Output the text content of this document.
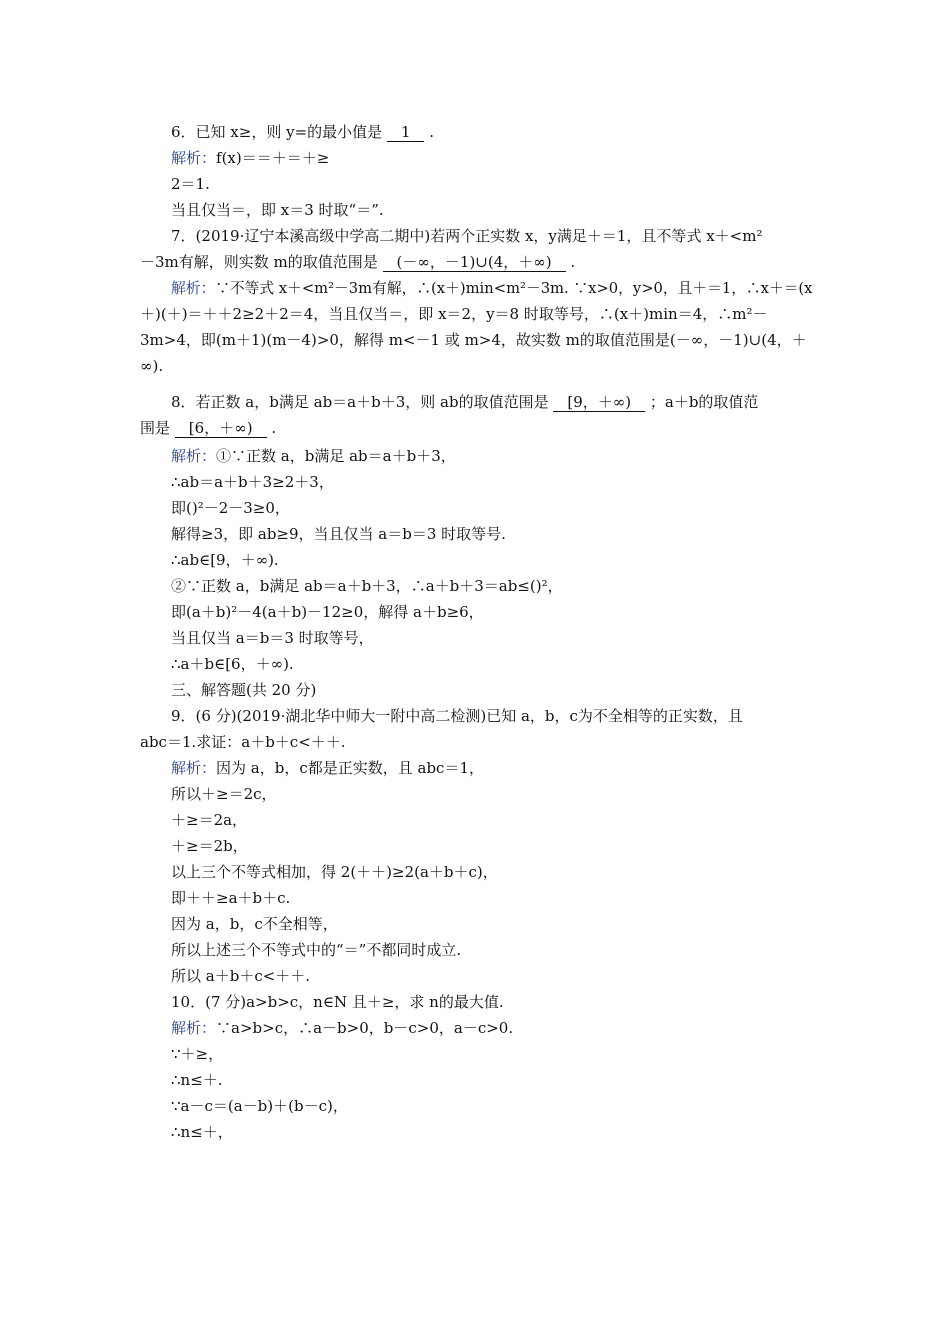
6．已知 x≥，则 y=的最小值是 1 .
解析：f(x)＝＝＋＝＋≥
2＝1.
当且仅当＝，即 x＝3 时取“＝”.
7．(2019·辽宁本溪高级中学高二期中)若两个正实数 x，y满足＋＝1，且不等式 x＋<m²
－3m有解，则实数 m的取值范围是 (－∞，－1)∪(4，＋∞) .
解析：∵不等式 x＋<m²－3m有解，∴(x＋)min<m²－3m. ∵x>0，y>0，且＋＝1，∴x＋＝(x
＋)(＋)＝＋＋2≥2＋2＝4，当且仅当＝，即 x＝2，y＝8 时取等号，∴(x＋)min＝4，∴m²－
3m>4，即(m＋1)(m－4)>0，解得 m<－1 或 m>4，故实数 m的取值范围是(－∞，－1)∪(4，＋
∞).
8．若正数 a，b满足 ab＝a＋b＋3，则 ab的取值范围是 [9，＋∞) ；a＋b的取值范
围是 [6，＋∞) .
解析：①∵正数 a，b满足 ab＝a＋b＋3，
∴ab＝a＋b＋3≥2＋3，
即()²－2－3≥0，
解得≥3，即 ab≥9，当且仅当 a＝b＝3 时取等号.
∴ab∈[9，＋∞).
②∵正数 a，b满足 ab＝a＋b＋3，∴a＋b＋3＝ab≤()²，
即(a＋b)²－4(a＋b)－12≥0，解得 a＋b≥6，
当且仅当 a＝b＝3 时取等号，
∴a＋b∈[6，＋∞).
三、解答题(共 20 分)
9．(6 分)(2019·湖北华中师大一附中高二检测)已知 a，b，c为不全相等的正实数，且
abc＝1.求证：a＋b＋c<＋＋.
解析：因为 a，b，c都是正实数，且 abc＝1，
所以＋≥＝2c，
＋≥＝2a，
＋≥＝2b，
以上三个不等式相加，得 2(＋＋)≥2(a＋b＋c)，
即＋＋≥a＋b＋c.
因为 a，b，c不全相等，
所以上述三个不等式中的“＝”不都同时成立.
所以 a＋b＋c<＋＋.
10．(7 分)a>b>c，n∈N 且＋≥，求 n的最大值.
解析：∵a>b>c，∴a－b>0，b－c>0，a－c>0.
∵＋≥，
∴n≤＋.
∵a－c＝(a－b)＋(b－c)，
∴n≤＋，
